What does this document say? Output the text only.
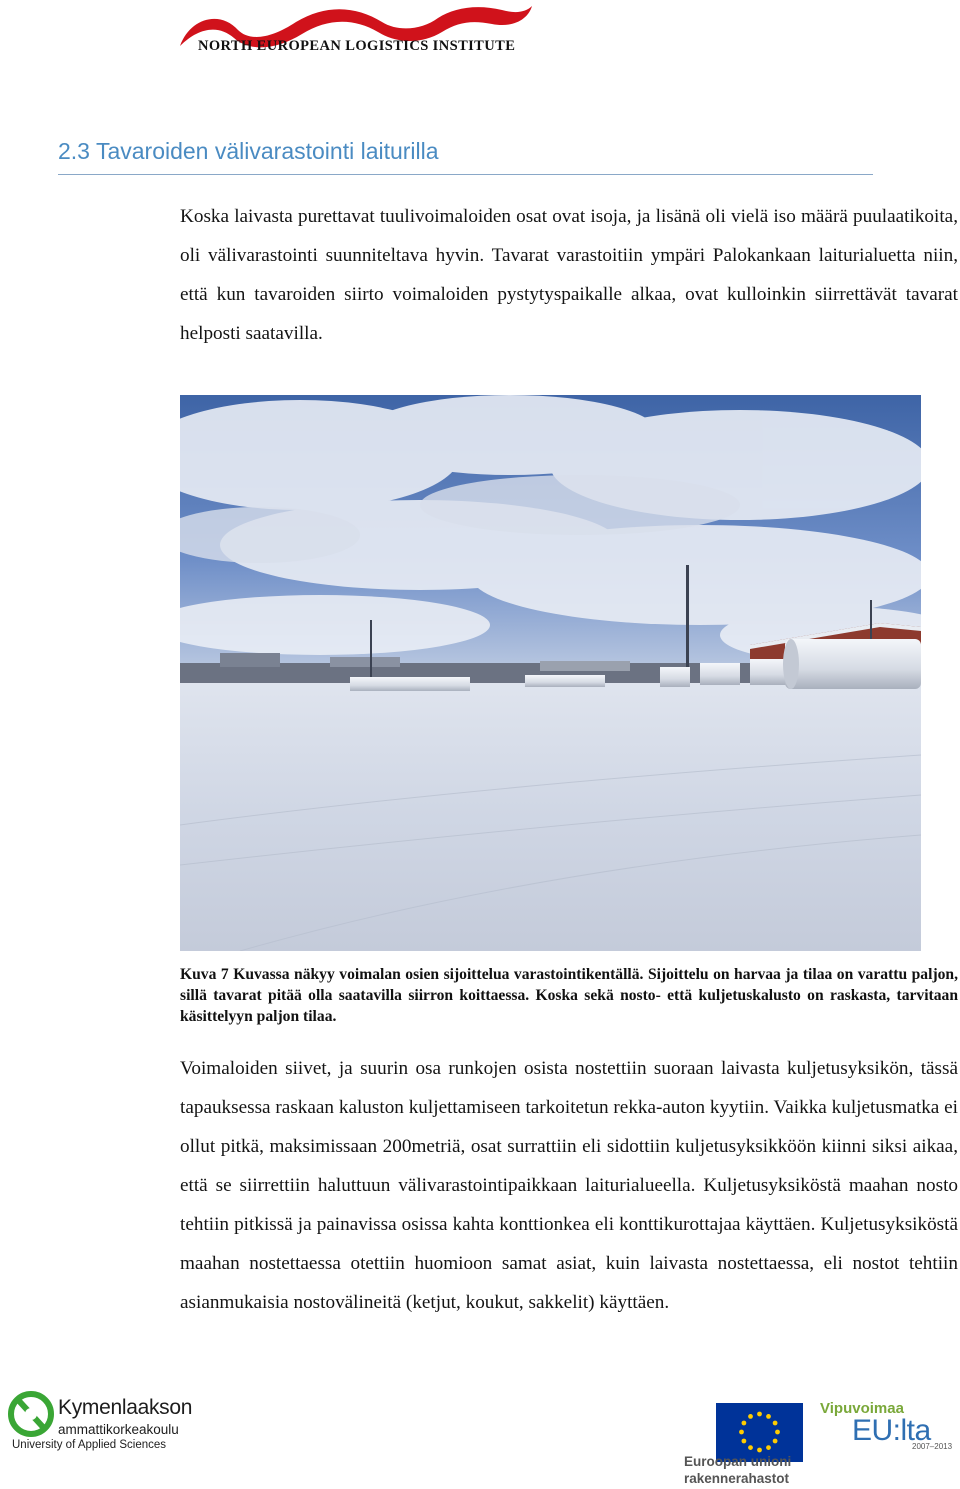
NORTH EUROPEAN LOGISTICS INSTITUTE
2.3 Tavaroiden välivarastointi laiturilla

Koska laivasta purettavat tuulivoimaloiden osat ovat isoja, ja lisänä oli vielä iso määrä puulaatikoita, oli välivarastointi suunniteltava hyvin. Tavarat varastoitiin ympäri Palokankaan laiturialuetta niin, että kun tavaroiden siirto voimaloiden pystytyspaikalle alkaa, ovat kulloinkin siirrettävät tavarat helposti saatavilla.

Kuva 7 Kuvassa näkyy voimalan osien sijoittelua varastointikentällä. Sijoittelu on harvaa ja tilaa on varattu paljon, sillä tavarat pitää olla saatavilla siirron koittaessa. Koska sekä nosto- että kuljetuskalusto on raskasta, tarvitaan käsittelyyn paljon tilaa.

Voimaloiden siivet, ja suurin osa runkojen osista nostettiin suoraan laivasta kuljetusyksikön, tässä tapauksessa raskaan kaluston kuljettamiseen tarkoitetun rekka-auton kyytiin. Vaikka kuljetusmatka ei ollut pitkä, maksimissaan 200metriä, osat surrattiin eli sidottiin kuljetusyksikköön kiinni siksi aikaa, että se siirrettiin haluttuun välivarastointipaikkaan laiturialueella. Kuljetusyksiköstä maahan nosto tehtiin pitkissä ja painavissa osissa kahta konttionkea eli konttikurottajaa käyttäen. Kuljetusyksiköstä maahan nostettaessa otettiin huomioon samat asiat, kuin laivasta nostettaessa, eli nostot tehtiin asianmukaisia nostovälineitä (ketjut, koukut, sakkelit) käyttäen.

Kymenlaakson
ammattikorkeakoulu
University of Applied Sciences
Euroopan unioni
rakennerahastot
Vipuvoimaa
EU:lta
2007–2013
